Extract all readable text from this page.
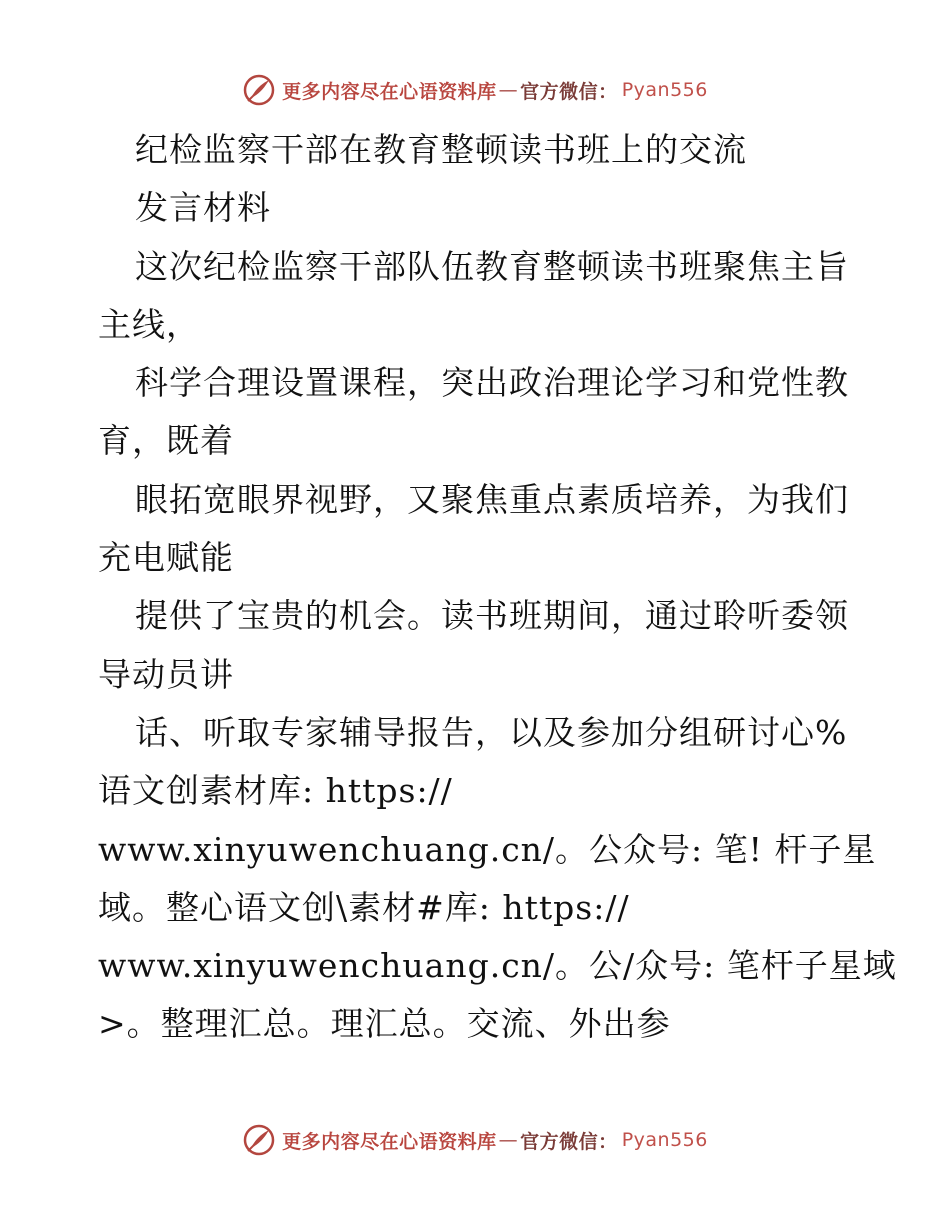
更多内容尽在心语资料库 — 官方微信： Pyan556
纪检监察干部在教育整顿读书班上的交流
发言材料
这次纪检监察干部队伍教育整顿读书班聚焦主旨
主线，
科学合理设置课程，突出政治理论学习和党性教
育，既着
眼拓宽眼界视野，又聚焦重点素质培养，为我们
充电赋能
提供了宝贵的机会。读书班期间，通过聆听委领
导动员讲
话、听取专家辅导报告，以及参加分组研讨心%
语文创素材库: https://
www.xinyuwenchuang.cn/。公众号: 笔! 杆子星
域。整心语文创\素材#库: https://
www.xinyuwenchuang.cn/。公/众号: 笔杆子星域
>。整理汇总。理汇总。交流、外出参
更多内容尽在心语资料库 — 官方微信： Pyan556
